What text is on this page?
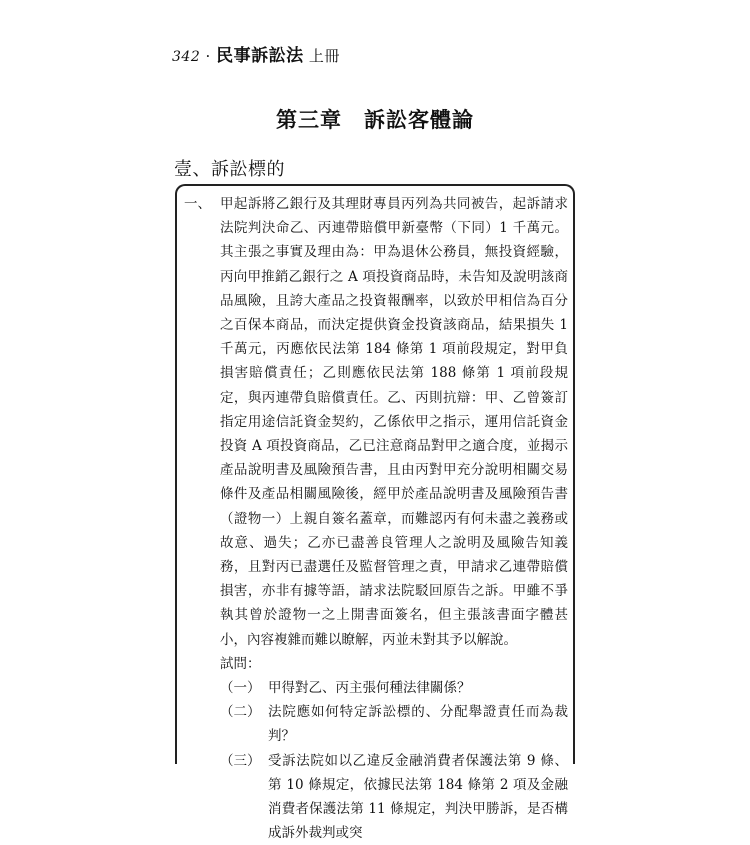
342 · 民事訴訟法 上冊
第三章　訴訟客體論
壹、訴訟標的
一、 甲起訴將乙銀行及其理財專員丙列為共同被告，起訴請求法院判決命乙、丙連帶賠償甲新臺幣（下同）1 千萬元。其主張之事實及理由為：甲為退休公務員，無投資經驗，丙向甲推銷乙銀行之 A 項投資商品時，未告知及說明該商品風險，且誇大產品之投資報酬率，以致於甲相信為百分之百保本商品，而決定提供資金投資該商品，結果損失 1 千萬元，丙應依民法第 184 條第 1 項前段規定，對甲負損害賠償責任；乙則應依民法第 188 條第 1 項前段規定，與丙連帶負賠償責任。乙、丙則抗辯：甲、乙曾簽訂指定用途信託資金契約，乙係依甲之指示，運用信託資金投資 A 項投資商品，乙已注意商品對甲之適合度，並揭示產品說明書及風險預告書，且由丙對甲充分說明相關交易條件及產品相關風險後，經甲於產品說明書及風險預告書（證物一）上親自簽名蓋章，而難認丙有何未盡之義務或故意、過失；乙亦已盡善良管理人之說明及風險告知義務，且對丙已盡選任及監督管理之責，甲請求乙連帶賠償損害，亦非有據等語，請求法院駁回原告之訴。甲雖不爭執其曾於證物一之上開書面簽名，但主張該書面字體甚小，內容複雜而難以瞭解，丙並未對其予以解說。
試問：
（一） 甲得對乙、丙主張何種法律關係？
（二） 法院應如何特定訴訟標的、分配舉證責任而為裁判？
（三） 受訴法院如以乙違反金融消費者保護法第 9 條、第 10 條規定，依據民法第 184 條第 2 項及金融消費者保護法第 11 條規定，判決甲勝訴，是否構成訴外裁判或突
